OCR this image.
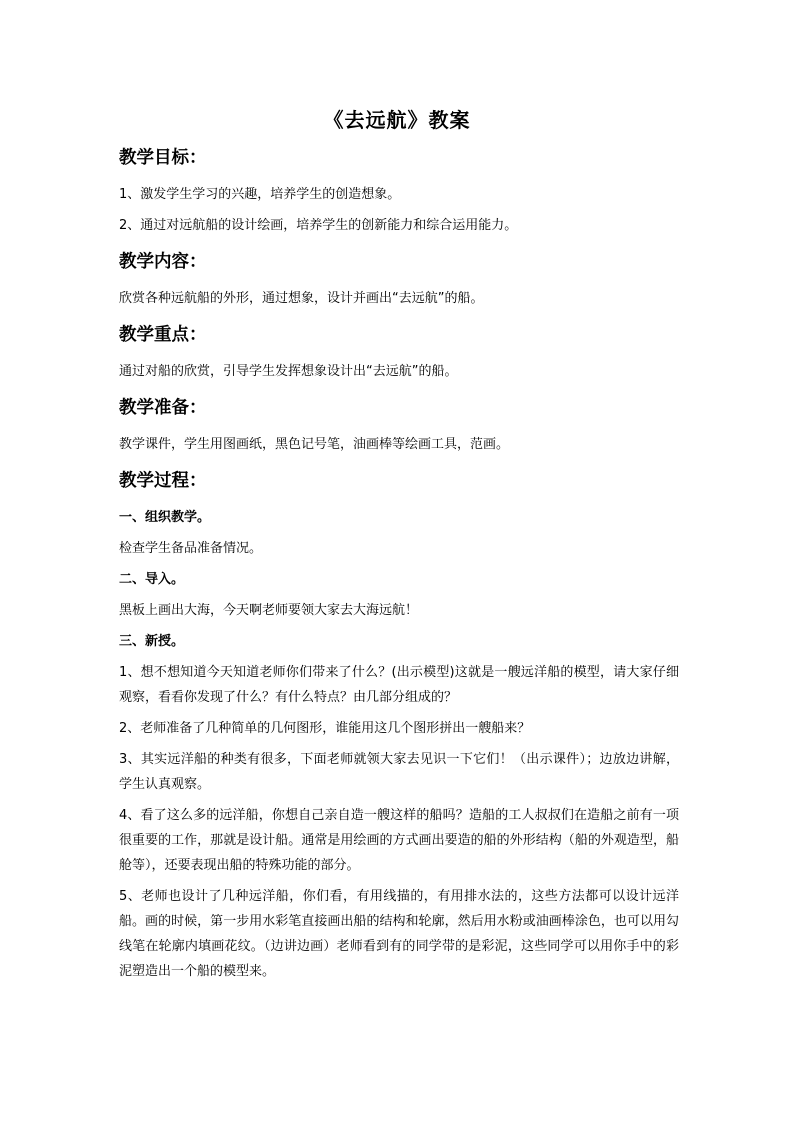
《去远航》教案
教学目标：
1、激发学生学习的兴趣，培养学生的创造想象。
2、通过对远航船的设计绘画，培养学生的创新能力和综合运用能力。
教学内容：
欣赏各种远航船的外形，通过想象，设计并画出“去远航”的船。
教学重点：
通过对船的欣赏，引导学生发挥想象设计出“去远航”的船。
教学准备：
教学课件，学生用图画纸，黑色记号笔，油画棒等绘画工具，范画。
教学过程：
一、组织教学。
检查学生备品准备情况。
二、导入。
黑板上画出大海，今天啊老师要领大家去大海远航！
三、新授。
1、想不想知道今天知道老师你们带来了什么？(出示模型)这就是一艘远洋船的模型，请大家仔细观察，看看你发现了什么？有什么特点？由几部分组成的？
2、老师准备了几种简单的几何图形，谁能用这几个图形拼出一艘船来？
3、其实远洋船的种类有很多，下面老师就领大家去见识一下它们！（出示课件）；边放边讲解，学生认真观察。
4、看了这么多的远洋船，你想自己亲自造一艘这样的船吗？造船的工人叔叔们在造船之前有一项很重要的工作，那就是设计船。通常是用绘画的方式画出要造的船的外形结构（船的外观造型，船舱等），还要表现出船的特殊功能的部分。
5、老师也设计了几种远洋船，你们看，有用线描的，有用排水法的，这些方法都可以设计远洋船。画的时候，第一步用水彩笔直接画出船的结构和轮廓，然后用水粉或油画棒涂色，也可以用勾线笔在轮廓内填画花纹。（边讲边画）老师看到有的同学带的是彩泥，这些同学可以用你手中的彩泥塑造出一个船的模型来。
